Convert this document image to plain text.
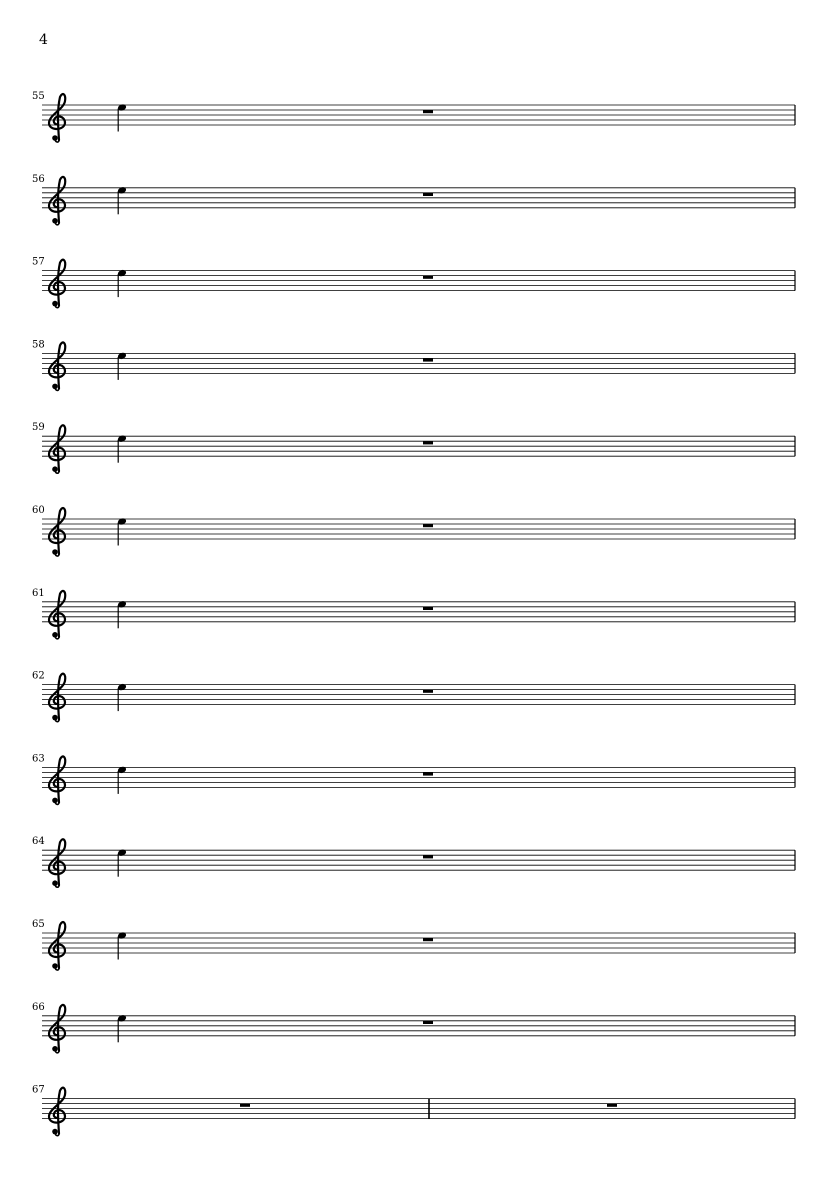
4
55
56
57
58
59
60
61
62
63
64
65
66
67
